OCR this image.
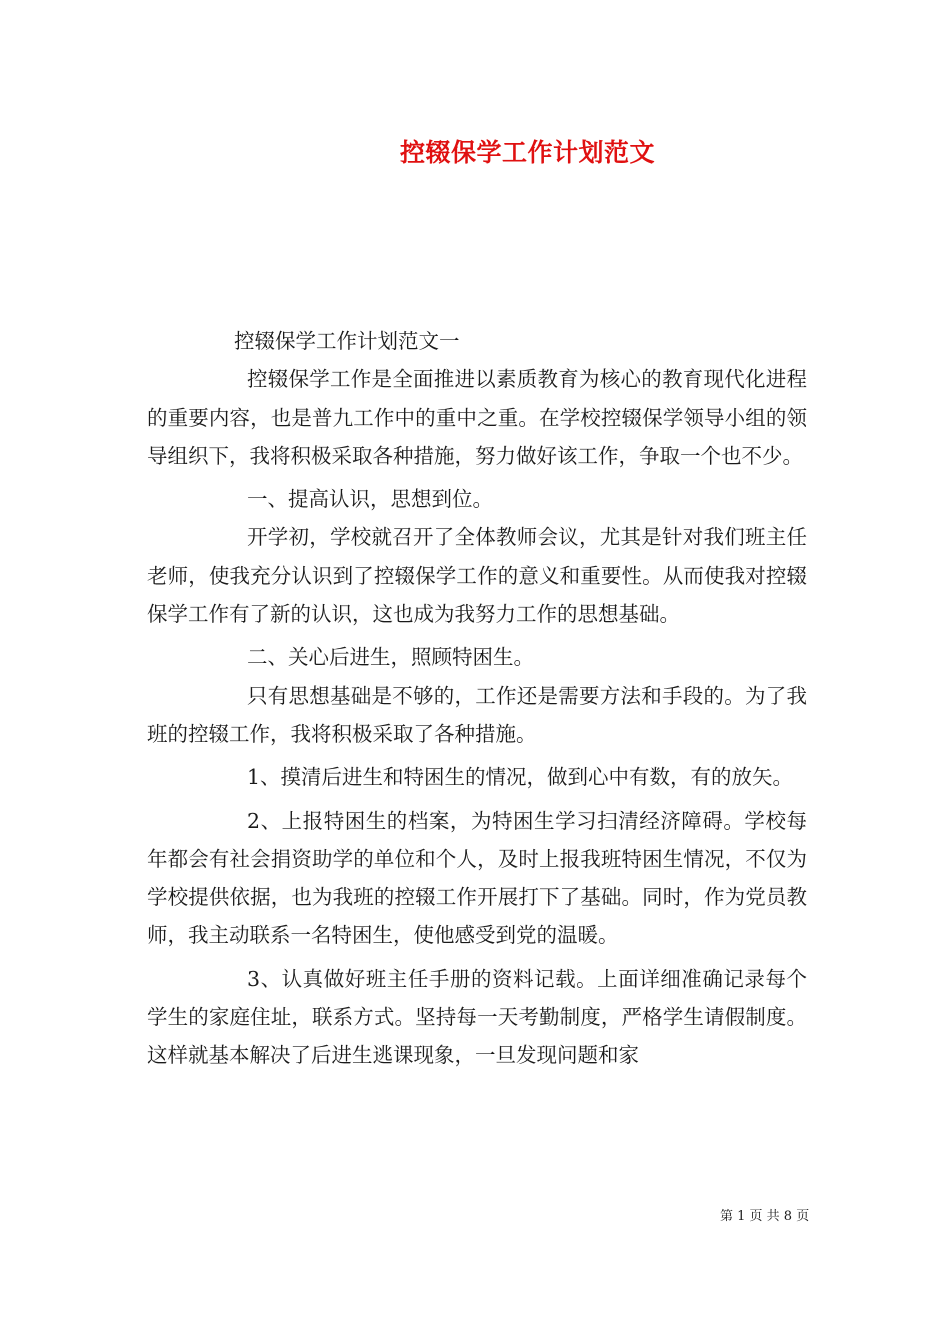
控辍保学工作计划范文

控辍保学工作计划范文一

控辍保学工作是全面推进以素质教育为核心的教育现代化进程的重要内容，也是普九工作中的重中之重。在学校控辍保学领导小组的领导组织下，我将积极采取各种措施，努力做好该工作，争取一个也不少。

一、提高认识，思想到位。

开学初，学校就召开了全体教师会议，尤其是针对我们班主任老师，使我充分认识到了控辍保学工作的意义和重要性。从而使我对控辍保学工作有了新的认识，这也成为我努力工作的思想基础。

二、关心后进生，照顾特困生。

只有思想基础是不够的，工作还是需要方法和手段的。为了我班的控辍工作，我将积极采取了各种措施。

1、摸清后进生和特困生的情况，做到心中有数，有的放矢。

2、上报特困生的档案，为特困生学习扫清经济障碍。学校每年都会有社会捐资助学的单位和个人，及时上报我班特困生情况，不仅为学校提供依据，也为我班的控辍工作开展打下了基础。同时，作为党员教师，我主动联系一名特困生，使他感受到党的温暖。

3、认真做好班主任手册的资料记载。上面详细准确记录每个学生的家庭住址，联系方式。坚持每一天考勤制度，严格学生请假制度。这样就基本解决了后进生逃课现象，一旦发现问题和家

第 1 页 共 8 页
